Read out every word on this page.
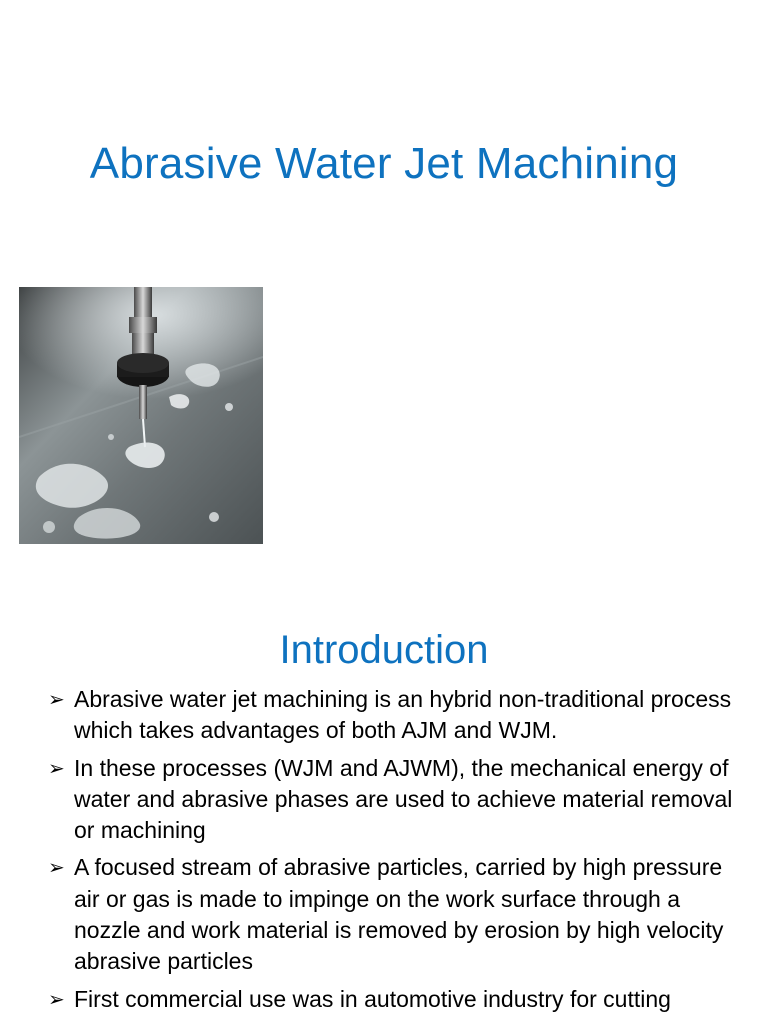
Abrasive Water Jet Machining
Introduction
➢ Abrasive water jet machining is an hybrid non-traditional process which takes advantages of both AJM and WJM.
➢ In these processes (WJM and AJWM), the mechanical energy of water and abrasive phases are used to achieve material removal or machining
➢ A focused stream of abrasive particles, carried by high pressure air or gas is made to impinge on the work surface through a nozzle and work material is removed by erosion by high velocity abrasive particles
➢ First commercial use was in automotive industry for cutting
